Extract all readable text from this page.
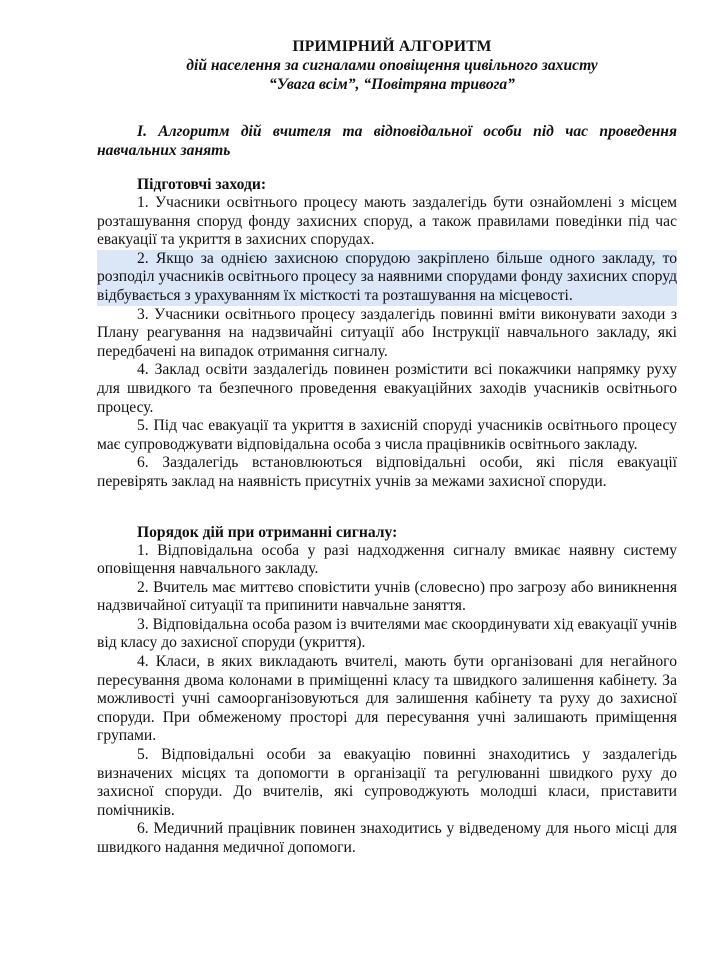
ПРИМІРНИЙ АЛГОРИТМ
дій населення за сигналами оповіщення цивільного захисту
“Увага всім”, “Повітряна тривога”
I. Алгоритм дій вчителя та відповідальної особи під час проведення навчальних занять
Підготовчі заходи:

1. Учасники освітнього процесу мають заздалегідь бути ознайомлені з місцем розташування споруд фонду захисних споруд, а також правилами поведінки під час евакуації та укриття в захисних спорудах.

2. Якщо за однією захисною спорудою закріплено більше одного закладу, то розподіл учасників освітнього процесу за наявними спорудами фонду захисних споруд відбувається з урахуванням їх місткості та розташування на місцевості.

3. Учасники освітнього процесу заздалегідь повинні вміти виконувати заходи з Плану реагування на надзвичайні ситуації або Інструкції навчального закладу, які передбачені на випадок отримання сигналу.

4. Заклад освіти заздалегідь повинен розмістити всі покажчики напрямку руху для швидкого та безпечного проведення евакуаційних заходів учасників освітнього процесу.

5. Під час евакуації та укриття в захисній споруді учасників освітнього процесу має супроводжувати відповідальна особа з числа працівників освітнього закладу.

6. Заздалегідь встановлюються відповідальні особи, які після евакуації перевірять заклад на наявність присутніх учнів за межами захисної споруди.

Порядок дій при отриманні сигналу:

1. Відповідальна особа у разі надходження сигналу вмикає наявну систему оповіщення навчального закладу.

2. Вчитель має миттєво сповістити учнів (словесно) про загрозу або виникнення надзвичайної ситуації та припинити навчальне заняття.

3. Відповідальна особа разом із вчителями має скоординувати хід евакуації учнів від класу до захисної споруди (укриття).

4. Класи, в яких викладають вчителі, мають бути організовані для негайного пересування двома колонами в приміщенні класу та швидкого залишення кабінету. За можливості учні самоорганізовуються для залишення кабінету та руху до захисної споруди. При обмеженому просторі для пересування учні залишають приміщення групами.

5. Відповідальні особи за евакуацію повинні знаходитись у заздалегідь визначених місцях та допомогти в організації та регулюванні швидкого руху до захисної споруди. До вчителів, які супроводжують молодші класи, приставити помічників.

6. Медичний працівник повинен знаходитись у відведеному для нього місці для швидкого надання медичної допомоги.
